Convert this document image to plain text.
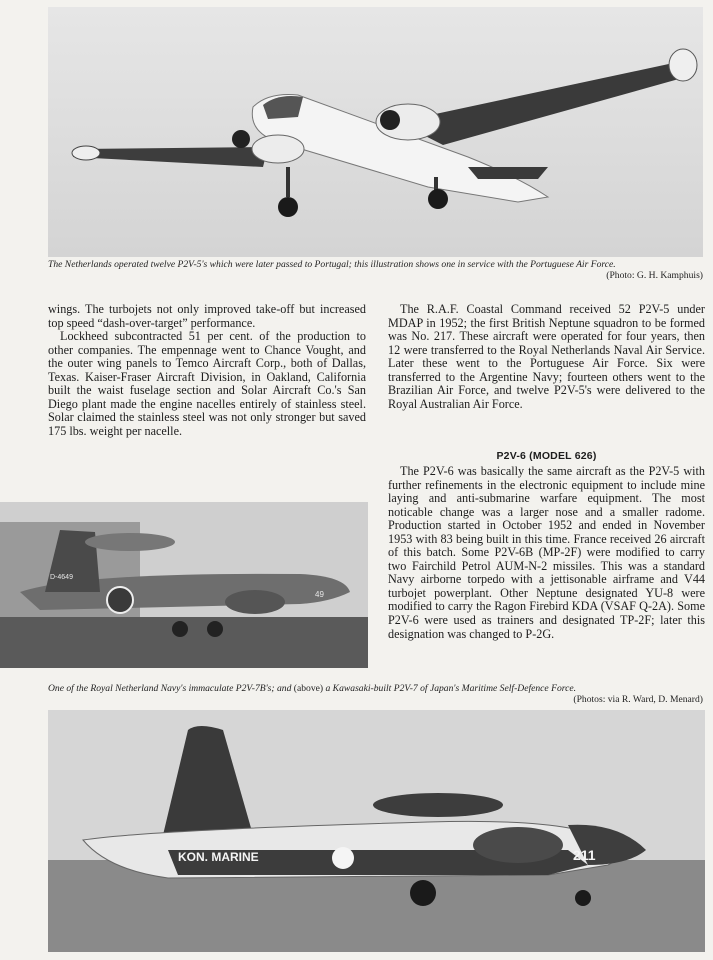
The Netherlands operated twelve P2V-5's which were later passed to Portugal; this illustration shows one in service with the Portuguese Air Force.
(Photo: G. H. Kamphuis)

wings. The turbojets not only improved take-off but increased top speed “dash-over-target” performance.

Lockheed subcontracted 51 per cent. of the production to other companies. The empennage went to Chance Vought, and the outer wing panels to Temco Aircraft Corp., both of Dallas, Texas. Kaiser-Fraser Aircraft Division, in Oakland, California built the waist fuselage section and Solar Aircraft Co.'s San Diego plant made the engine nacelles entirely of stainless steel. Solar claimed the stainless steel was not only stronger but saved 175 lbs. weight per nacelle.

The R.A.F. Coastal Command received 52 P2V-5 under MDAP in 1952; the first British Neptune squadron to be formed was No. 217. These aircraft were operated for four years, then 12 were transferred to the Royal Netherlands Naval Air Service. Later these went to the Portuguese Air Force. Six were transferred to the Argentine Navy; fourteen others went to the Brazilian Air Force, and twelve P2V-5's were delivered to the Royal Australian Air Force.

P2V-6 (MODEL 626)

The P2V-6 was basically the same aircraft as the P2V-5 with further refinements in the electronic equipment to include mine laying and anti-submarine warfare equipment. The most noticable change was a larger nose and a smaller radome. Production started in October 1952 and ended in November 1953 with 83 being built in this time. France received 26 aircraft of this batch. Some P2V-6B (MP-2F) were modified to carry two Fairchild Petrol AUM-N-2 missiles. This was a standard Navy airborne torpedo with a jettisonable airframe and V44 turbojet powerplant. Other Neptune designated YU-8 were modified to carry the Ragon Firebird KDA (VSAF Q-2A). Some P2V-6 were used as trainers and designated TP-2F; later this designation was changed to P-2G.

D-4649
49
One of the Royal Netherland Navy's immaculate P2V-7B's; and (above) a Kawasaki-built P2V-7 of Japan's Maritime Self-Defence Force.
(Photos: via R. Ward, D. Menard)
KON. MARINE	211
